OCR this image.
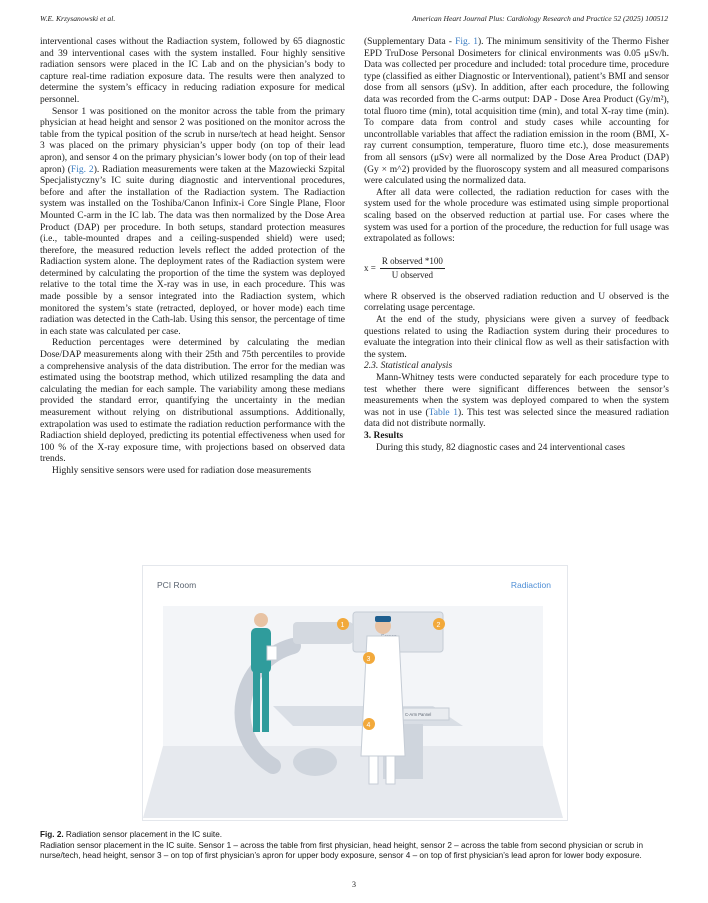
W.E. Krzysanowski et al.	American Heart Journal Plus: Cardiology Research and Practice 52 (2025) 100512

interventional cases without the Radiaction system, followed by 65 diagnostic and 39 interventional cases with the system installed. Four highly sensitive radiation sensors were placed in the IC Lab and on the physician’s body to capture real-time radiation exposure data. The results were then analyzed to determine the system’s efficacy in reducing radiation exposure for medical personnel.

Sensor 1 was positioned on the monitor across the table from the primary physician at head height and sensor 2 was positioned on the monitor across the table from the typical position of the scrub in nurse/tech at head height. Sensor 3 was placed on the primary physician’s upper body (on top of their lead apron), and sensor 4 on the primary physician’s lower body (on top of their lead apron) (Fig. 2). Radiation measurements were taken at the Mazowiecki Szpital Specjalistyczny’s IC suite during diagnostic and interventional procedures, before and after the installation of the Radiaction system. The Radiaction system was installed on the Toshiba/Canon Infinix-i Core Single Plane, Floor Mounted C-arm in the IC lab. The data was then normalized by the Dose Area Product (DAP) per procedure. In both setups, standard protection measures (i.e., table-mounted drapes and a ceiling-suspended shield) were used; therefore, the measured reduction levels reflect the added protection of the Radiaction system alone. The deployment rates of the Radiaction system were determined by calculating the proportion of the time the system was deployed relative to the total time the X-ray was in use, in each procedure. This was made possible by a sensor integrated into the Radiaction system, which monitored the system’s state (retracted, deployed, or hover mode) each time radiation was detected in the Cath-lab. Using this sensor, the percentage of time in each state was calculated per case.

Reduction percentages were determined by calculating the median Dose/DAP measurements along with their 25th and 75th percentiles to provide a comprehensive analysis of the data distribution. The error for the median was estimated using the bootstrap method, which utilized resampling the data and calculating the median for each sample. The variability among these medians provided the standard error, quantifying the uncertainty in the median measurement without relying on distributional assumptions. Additionally, extrapolation was used to estimate the radiation reduction performance with the Radiaction shield deployed, predicting its potential effectiveness when used for 100 % of the X-ray exposure time, with projections based on observed data trends.

Highly sensitive sensors were used for radiation dose measurements

(Supplementary Data - Fig. 1). The minimum sensitivity of the Thermo Fisher EPD TruDose Personal Dosimeters for clinical environments was 0.05 μSv/h. Data was collected per procedure and included: total procedure time, procedure type (classified as either Diagnostic or Interventional), patient’s BMI and sensor dose from all sensors (μSv). In addition, after each procedure, the following data was recorded from the C-arms output: DAP - Dose Area Product (Gy/m²), total fluoro time (min), total acquisition time (min), and total X-ray time (min). To compare data from control and study cases while accounting for uncontrollable variables that affect the radiation emission in the room (BMI, X-ray current consumption, temperature, fluoro time etc.), dose measurements from all sensors (μSv) were all normalized by the Dose Area Product (DAP) (Gy × m^2) provided by the fluoroscopy system and all measured comparisons were calculated using the normalized data.

After all data were collected, the radiation reduction for cases with the system used for the whole procedure was estimated using simple proportional scaling based on the observed reduction at partial use. For cases where the system was used for a portion of the procedure, the reduction for full usage was extrapolated as follows:

$x = \frac{\text{R observed *100}}{\text{U observed}}$

where R observed is the observed radiation reduction and U observed is the correlating usage percentage.

At the end of the study, physicians were given a survey of feedback questions related to using the Radiaction system during their procedures to evaluate the integration into their clinical flow as well as their satisfaction with the system.

2.3. Statistical analysis

Mann-Whitney tests were conducted separately for each procedure type to test whether there were significant differences between the sensor’s measurements when the system was deployed compared to when the system was not in use (Table 1). This test was selected since the measured radiation data did not distribute normally.

3. Results

During this study, 82 diagnostic cases and 24 interventional cases

C-Arm Pannel
1	2
3
4
PCI Room	Radiaction
Fig. 2. Radiation sensor placement in the IC suite.
Radiation sensor placement in the IC suite. Sensor 1 – across the table from first physician, head height, sensor 2 – across the table from second physician or scrub in nurse/tech, head height, sensor 3 – on top of first physician’s apron for upper body exposure, sensor 4 – on top of first physician’s lead apron for lower body exposure.
3
